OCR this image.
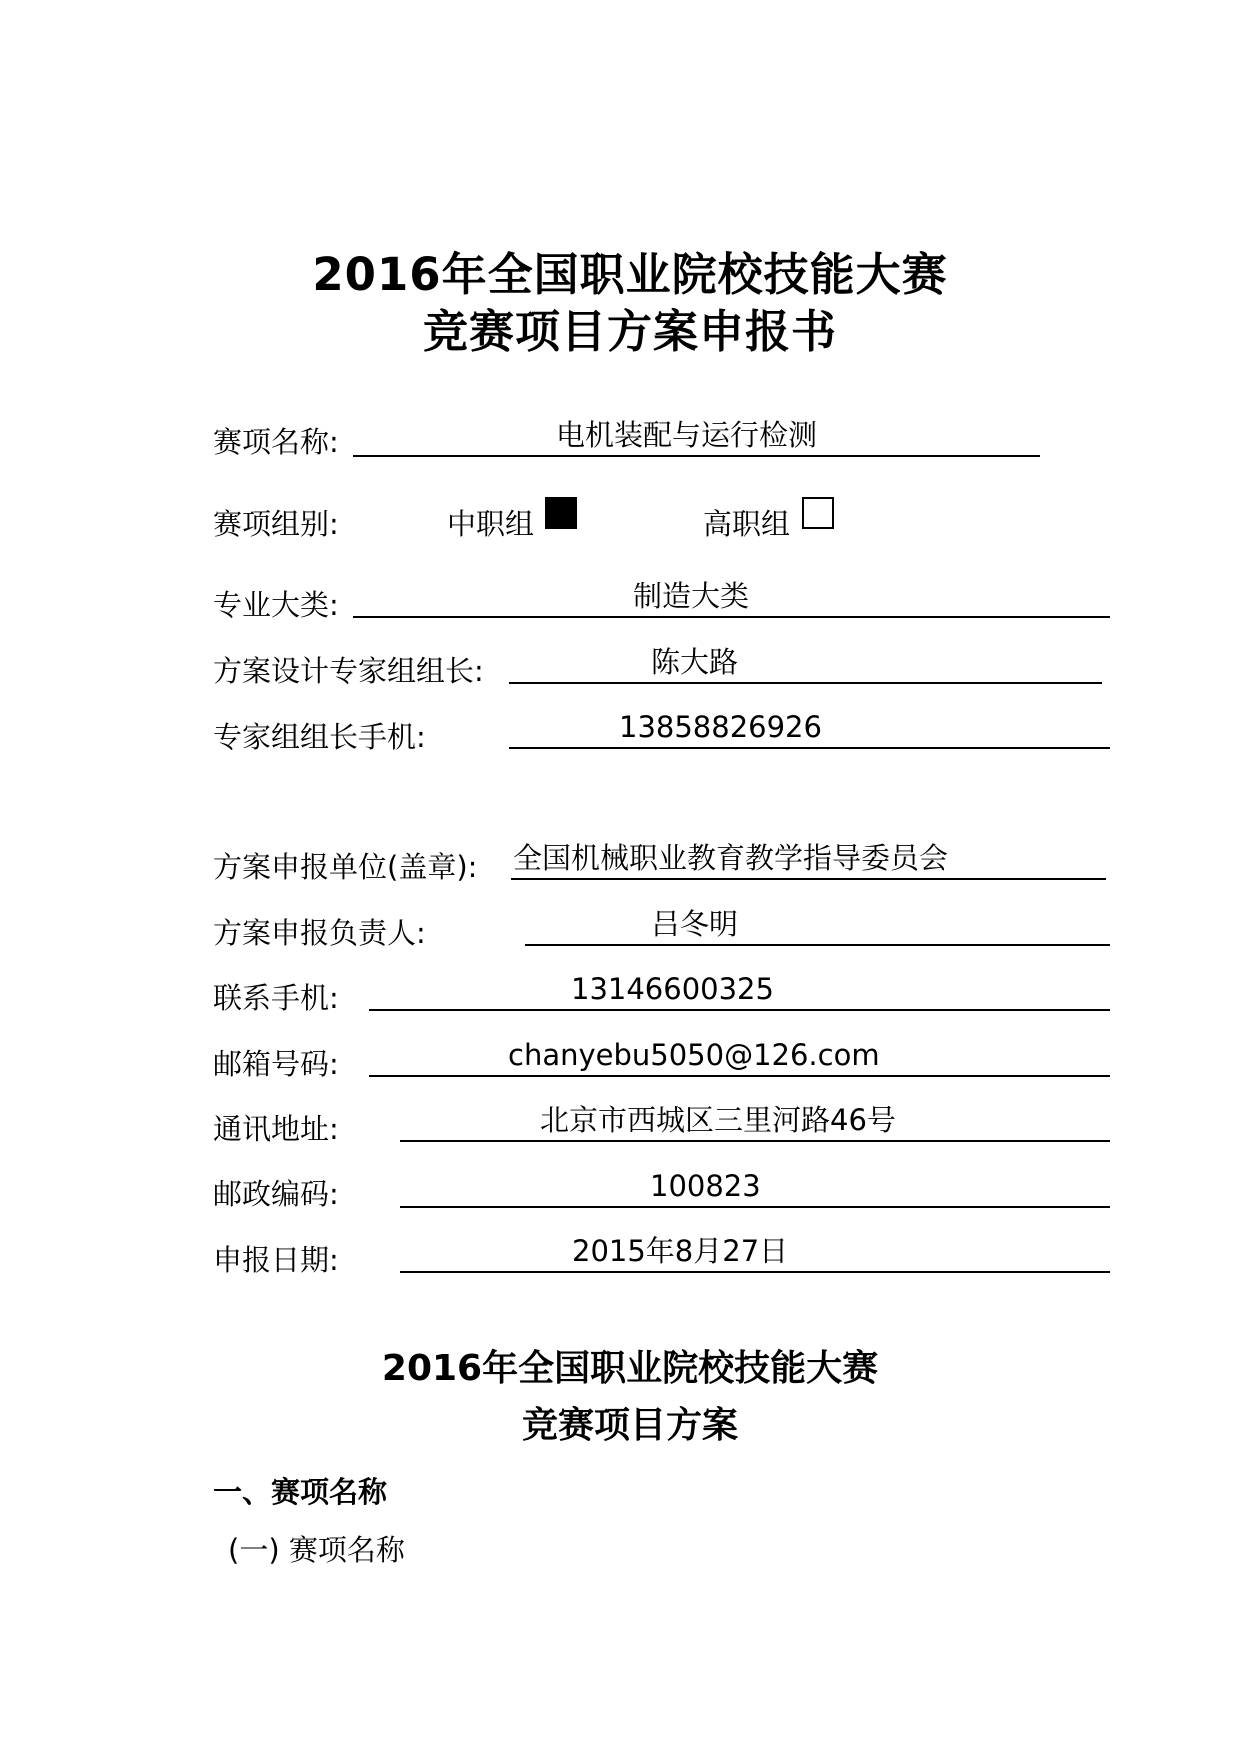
2016年全国职业院校技能大赛
竞赛项目方案申报书
赛项名称:	电机装配与运行检测
赛项组别:	中职组	高职组
专业大类:	制造大类
方案设计专家组组长:	陈大路
专家组组长手机:	13858826926
方案申报单位(盖章): 全国机械职业教育教学指导委员会
方案申报负责人:	吕冬明
联系手机:	13146600325
邮箱号码:	chanyebu5050@126.com
通讯地址:	北京市西城区三里河路46号
邮政编码:	100823
申报日期:	2015年8月27日
2016年全国职业院校技能大赛
竞赛项目方案
一、赛项名称
(一) 赛项名称
